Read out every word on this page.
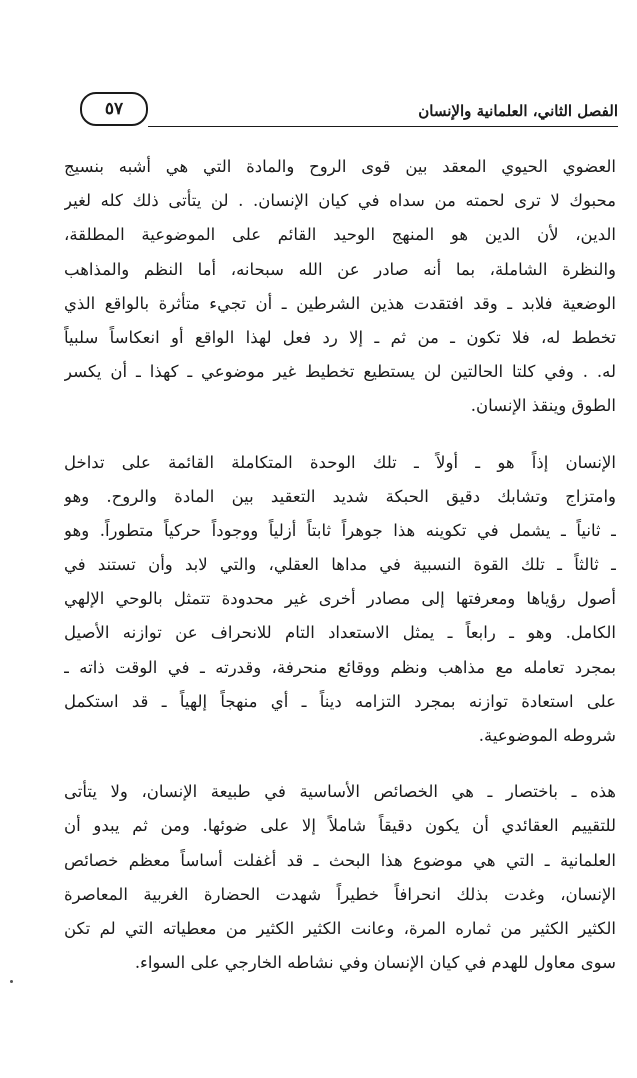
٥٧	الفصل الثاني، العلمانية والإنسان
العضوي الحيوي المعقد بين قوى الروح والمادة التي هي أشبه بنسيج
محبوك لا ترى لحمته من سداه في كيان الإنسان. . لن يتأتى ذلك كله لغير
الدين، لأن الدين هو المنهج الوحيد القائم على الموضوعية المطلقة،
والنظرة الشاملة، بما أنه صادر عن الله سبحانه، أما النظم والمذاهب
الوضعية فلابد ـ وقد افتقدت هذين الشرطين ـ أن تجيء متأثرة بالواقع الذي
تخطط له، فلا تكون ـ من ثم ـ إلا رد فعل لهذا الواقع أو انعكاساً سلبياً
له. . وفي كلتا الحالتين لن يستطيع تخطيط غير موضوعي ـ كهذا ـ أن يكسر
الطوق وينقذ الإنسان.
الإنسان إذاً هو ـ أولاً ـ تلك الوحدة المتكاملة القائمة على تداخل
وامتزاج وتشابك دقيق الحبكة شديد التعقيد بين المادة والروح. وهو
ـ ثانياً ـ يشمل في تكوينه هذا جوهراً ثابتاً أزلياً ووجوداً حركياً متطوراً. وهو
ـ ثالثاً ـ تلك القوة النسبية في مداها العقلي، والتي لابد وأن تستند في
أصول رؤياها ومعرفتها إلى مصادر أخرى غير محدودة تتمثل بالوحي الإلهي
الكامل. وهو ـ رابعاً ـ يمثل الاستعداد التام للانحراف عن توازنه الأصيل
بمجرد تعامله مع مذاهب ونظم ووقائع منحرفة، وقدرته ـ في الوقت ذاته ـ
على استعادة توازنه بمجرد التزامه ديناً ـ أي منهجاً إلهياً ـ قد استكمل
شروطه الموضوعية.
هذه ـ باختصار ـ هي الخصائص الأساسية في طبيعة الإنسان، ولا يتأتى
للتقييم العقائدي أن يكون دقيقاً شاملاً إلا على ضوئها. ومن ثم يبدو أن
العلمانية ـ التي هي موضوع هذا البحث ـ قد أغفلت أساساً معظم خصائص
الإنسان، وغدت بذلك انحرافاً خطيراً شهدت الحضارة الغربية المعاصرة
الكثير الكثير من ثماره المرة، وعانت الكثير الكثير من معطياته التي لم تكن
سوى معاول للهدم في كيان الإنسان وفي نشاطه الخارجي على السواء.
